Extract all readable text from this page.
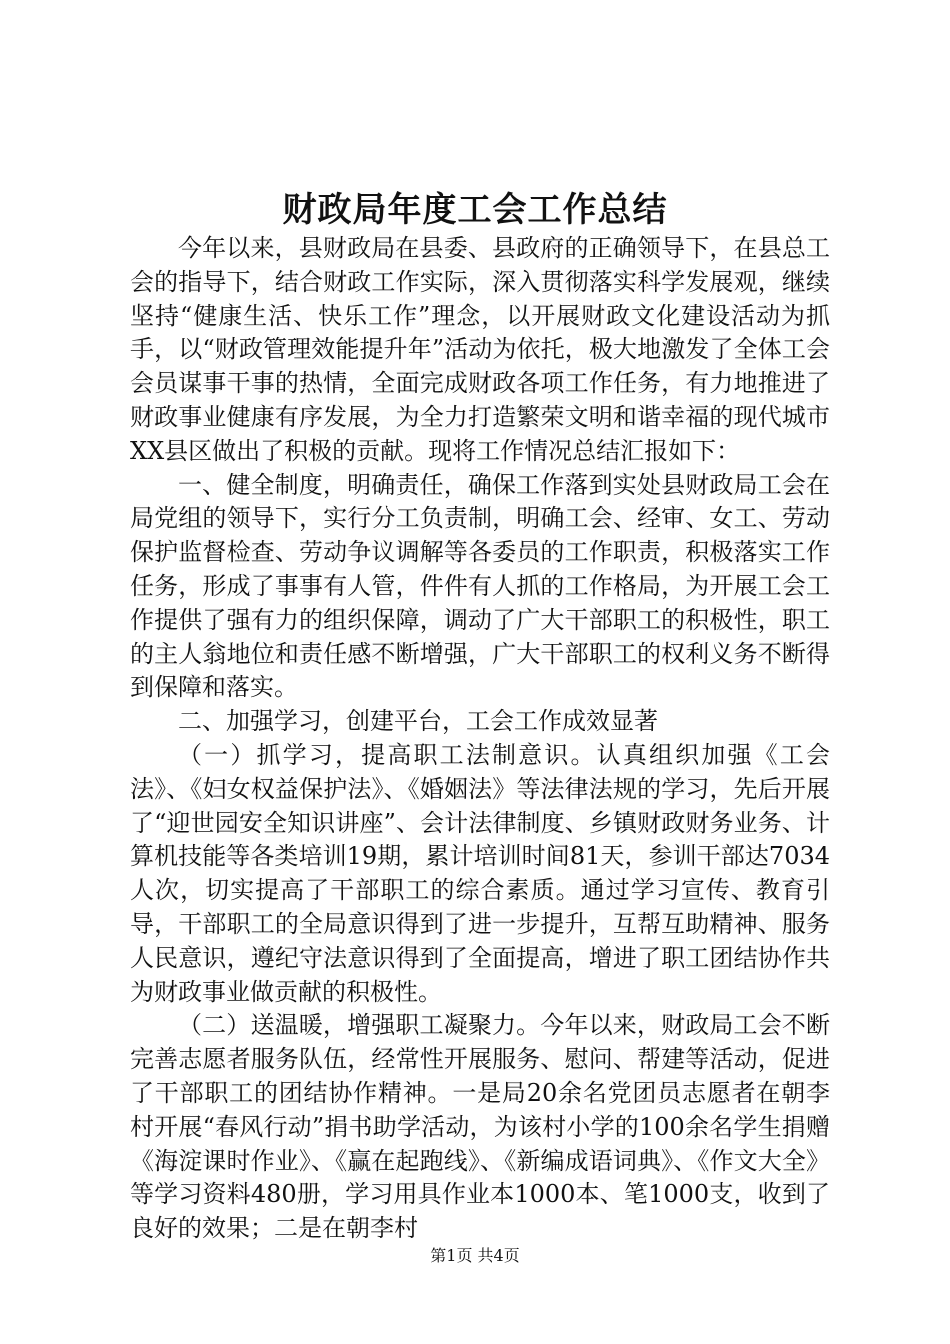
财政局年度工会工作总结

今年以来，县财政局在县委、县政府的正确领导下，在县总工会的指导下，结合财政工作实际，深入贯彻落实科学发展观，继续坚持“健康生活、快乐工作”理念，以开展财政文化建设活动为抓手，以“财政管理效能提升年”活动为依托，极大地激发了全体工会会员谋事干事的热情，全面完成财政各项工作任务，有力地推进了财政事业健康有序发展，为全力打造繁荣文明和谐幸福的现代城市XX县区做出了积极的贡献。现将工作情况总结汇报如下：

一、健全制度，明确责任，确保工作落到实处县财政局工会在局党组的领导下，实行分工负责制，明确工会、经审、女工、劳动保护监督检查、劳动争议调解等各委员的工作职责，积极落实工作任务，形成了事事有人管，件件有人抓的工作格局，为开展工会工作提供了强有力的组织保障，调动了广大干部职工的积极性，职工的主人翁地位和责任感不断增强，广大干部职工的权利义务不断得到保障和落实。

二、加强学习，创建平台，工会工作成效显著

（一）抓学习，提高职工法制意识。认真组织加强《工会法》、《妇女权益保护法》、《婚姻法》等法律法规的学习，先后开展了“迎世园安全知识讲座”、会计法律制度、乡镇财政财务业务、计算机技能等各类培训19期，累计培训时间81天，参训干部达7034人次，切实提高了干部职工的综合素质。通过学习宣传、教育引导，干部职工的全局意识得到了进一步提升，互帮互助精神、服务人民意识，遵纪守法意识得到了全面提高，增进了职工团结协作共为财政事业做贡献的积极性。

（二）送温暖，增强职工凝聚力。今年以来，财政局工会不断完善志愿者服务队伍，经常性开展服务、慰问、帮建等活动，促进了干部职工的团结协作精神。一是局20余名党团员志愿者在朝李村开展“春风行动”捐书助学活动，为该村小学的100余名学生捐赠《海淀课时作业》、《赢在起跑线》、《新编成语词典》、《作文大全》等学习资料480册，学习用具作业本1000本、笔1000支，收到了良好的效果；二是在朝李村

第1页 共4页
